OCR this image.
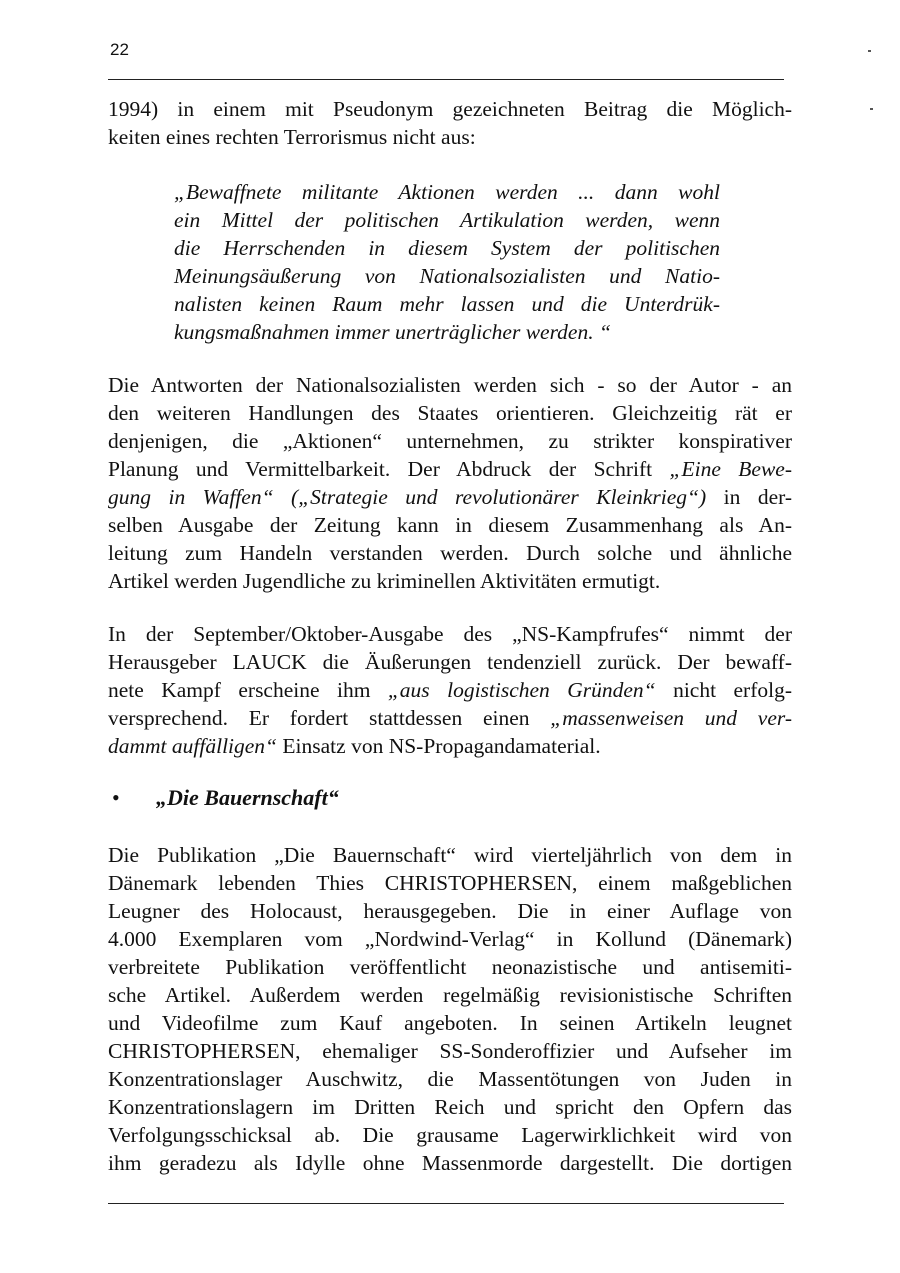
22
1994) in einem mit Pseudonym gezeichneten Beitrag die Möglich-
keiten eines rechten Terrorismus nicht aus:
„Bewaffnete militante Aktionen werden ... dann wohl
ein Mittel der politischen Artikulation werden, wenn
die Herrschenden in diesem System der politischen
Meinungsäußerung von Nationalsozialisten und Natio-
nalisten keinen Raum mehr lassen und die Unterdrük-
kungsmaßnahmen immer unerträglicher werden. “
Die Antworten der Nationalsozialisten werden sich - so der Autor - an
den weiteren Handlungen des Staates orientieren. Gleichzeitig rät er
denjenigen, die „Aktionen“ unternehmen, zu strikter konspirativer
Planung und Vermittelbarkeit. Der Abdruck der Schrift „Eine Bewe-
gung in Waffen“ („Strategie und revolutionärer Kleinkrieg“) in der-
selben Ausgabe der Zeitung kann in diesem Zusammenhang als An-
leitung zum Handeln verstanden werden. Durch solche und ähnliche
Artikel werden Jugendliche zu kriminellen Aktivitäten ermutigt.
In der September/Oktober-Ausgabe des „NS-Kampfrufes“ nimmt der
Herausgeber LAUCK die Äußerungen tendenziell zurück. Der bewaff-
nete Kampf erscheine ihm „aus logistischen Gründen“ nicht erfolg-
versprechend. Er fordert stattdessen einen „massenweisen und ver-
dammt auffälligen“ Einsatz von NS-Propagandamaterial.
• „Die Bauernschaft“
Die Publikation „Die Bauernschaft“ wird vierteljährlich von dem in
Dänemark lebenden Thies CHRISTOPHERSEN, einem maßgeblichen
Leugner des Holocaust, herausgegeben. Die in einer Auflage von
4.000 Exemplaren vom „Nordwind-Verlag“ in Kollund (Dänemark)
verbreitete Publikation veröffentlicht neonazistische und antisemiti-
sche Artikel. Außerdem werden regelmäßig revisionistische Schriften
und Videofilme zum Kauf angeboten. In seinen Artikeln leugnet
CHRISTOPHERSEN, ehemaliger SS-Sonderoffizier und Aufseher im
Konzentrationslager Auschwitz, die Massentötungen von Juden in
Konzentrationslagern im Dritten Reich und spricht den Opfern das
Verfolgungsschicksal ab. Die grausame Lagerwirklichkeit wird von
ihm geradezu als Idylle ohne Massenmorde dargestellt. Die dortigen
